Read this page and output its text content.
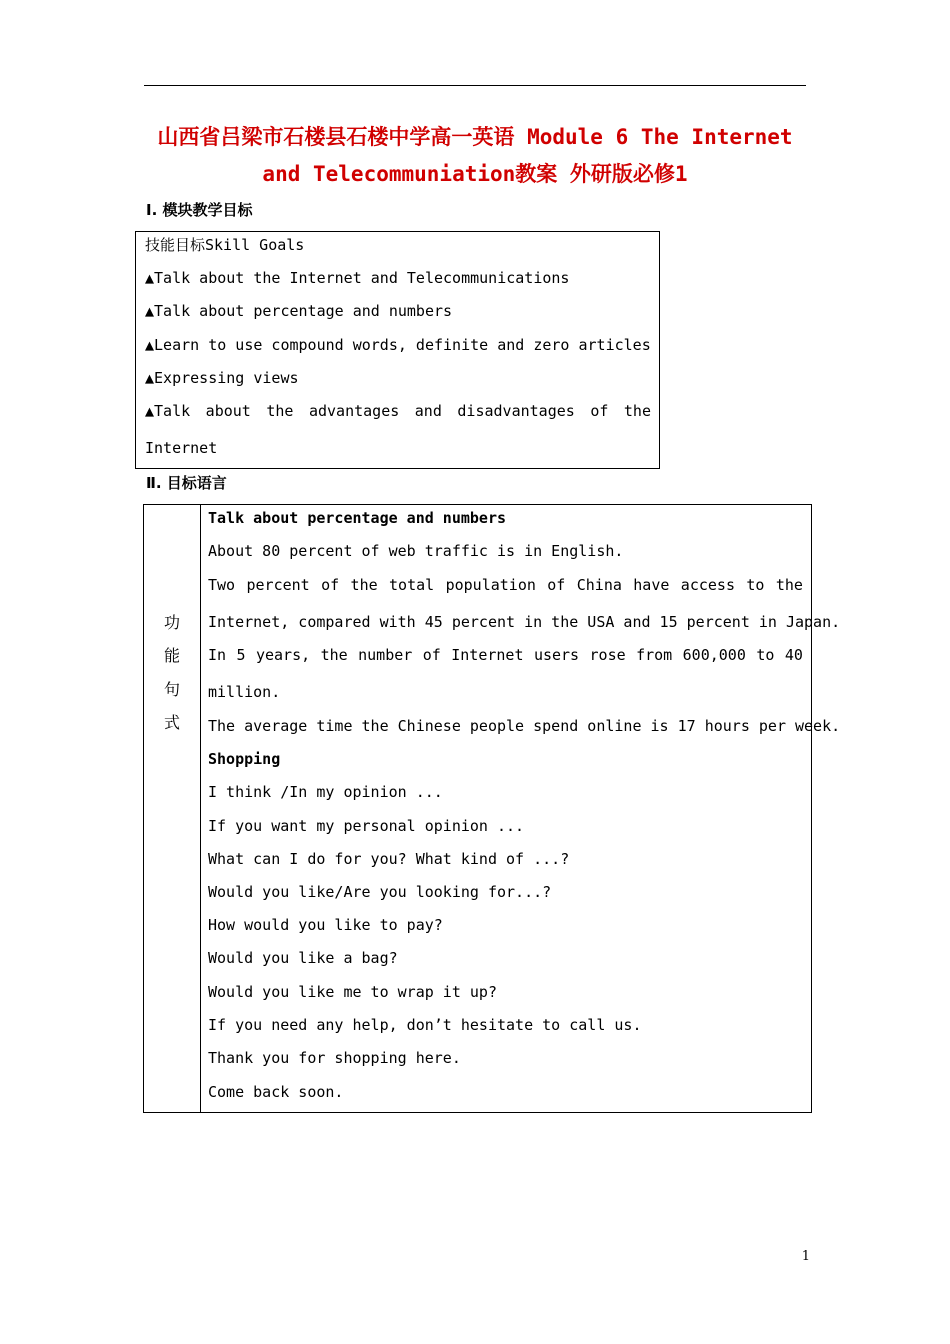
山西省吕梁市石楼县石楼中学高一英语 Module 6 The Internet
and Telecommuniation教案 外研版必修1
Ⅰ. 模块教学目标
技能目标Skill Goals
▲Talk about the Internet and Telecommunications
▲Talk about percentage and numbers
▲Learn to use compound words, definite and zero articles
▲Expressing views
▲Talk about the advantages and disadvantages of the
Internet
Ⅱ. 目标语言
功
能
句
式
Talk about percentage and numbers
About 80 percent of web traffic is in English.
Two percent of the total population of China have access to the
Internet, compared with 45 percent in the USA and 15 percent in Japan.
In 5 years, the number of Internet users rose from 600,000 to 40
million.
The average time the Chinese people spend online is 17 hours per week.
Shopping
I think /In my opinion ...
If you want my personal opinion ...
What can I do for you? What kind of ...?
Would you like/Are you looking for...?
How would you like to pay?
Would you like a bag?
Would you like me to wrap it up?
If you need any help, don’t hesitate to call us.
Thank you for shopping here.
Come back soon.
1
